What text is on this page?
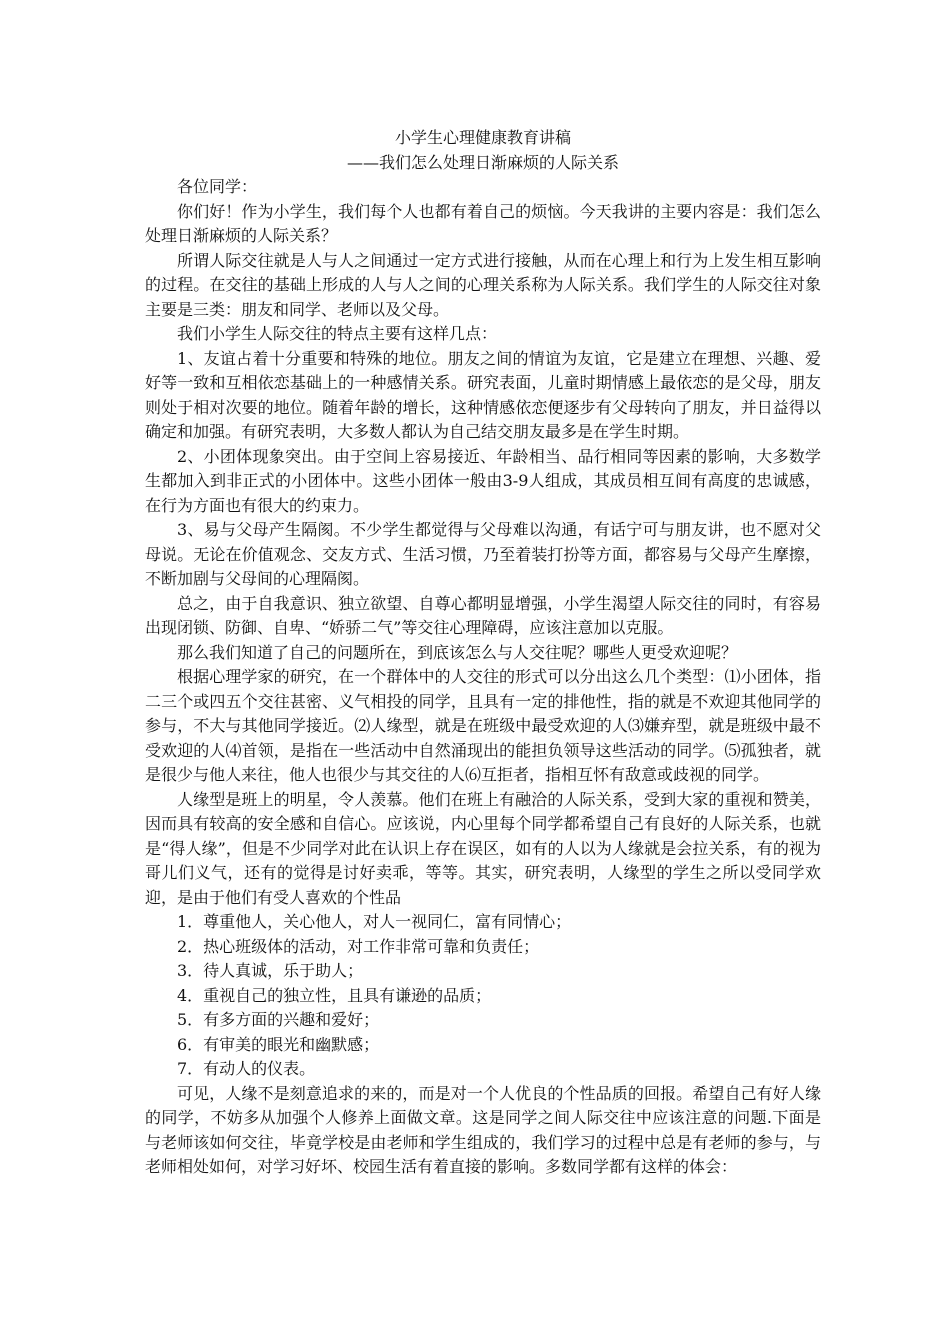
小学生心理健康教育讲稿

——我们怎么处理日渐麻烦的人际关系

各位同学：

你们好！作为小学生，我们每个人也都有着自己的烦恼。今天我讲的主要内容是：我们怎么处理日渐麻烦的人际关系？

所谓人际交往就是人与人之间通过一定方式进行接触，从而在心理上和行为上发生相互影响的过程。在交往的基础上形成的人与人之间的心理关系称为人际关系。我们学生的人际交往对象主要是三类：朋友和同学、老师以及父母。

我们小学生人际交往的特点主要有这样几点：

1、友谊占着十分重要和特殊的地位。朋友之间的情谊为友谊，它是建立在理想、兴趣、爱好等一致和互相依恋基础上的一种感情关系。研究表面，儿童时期情感上最依恋的是父母，朋友则处于相对次要的地位。随着年龄的增长，这种情感依恋便逐步有父母转向了朋友，并日益得以确定和加强。有研究表明，大多数人都认为自己结交朋友最多是在学生时期。

2、小团体现象突出。由于空间上容易接近、年龄相当、品行相同等因素的影响，大多数学生都加入到非正式的小团体中。这些小团体一般由3-9人组成，其成员相互间有高度的忠诚感，在行为方面也有很大的约束力。

3、易与父母产生隔阂。不少学生都觉得与父母难以沟通，有话宁可与朋友讲，也不愿对父母说。无论在价值观念、交友方式、生活习惯，乃至着装打扮等方面，都容易与父母产生摩擦，不断加剧与父母间的心理隔阂。

总之，由于自我意识、独立欲望、自尊心都明显增强，小学生渴望人际交往的同时，有容易出现闭锁、防御、自卑、“娇骄二气”等交往心理障碍，应该注意加以克服。

那么我们知道了自己的问题所在，到底该怎么与人交往呢？哪些人更受欢迎呢？

根据心理学家的研究，在一个群体中的人交往的形式可以分出这么几个类型：⑴小团体，指二三个或四五个交往甚密、义气相投的同学，且具有一定的排他性，指的就是不欢迎其他同学的参与，不大与其他同学接近。⑵人缘型，就是在班级中最受欢迎的人⑶嫌弃型，就是班级中最不受欢迎的人⑷首领，是指在一些活动中自然涌现出的能担负领导这些活动的同学。⑸孤独者，就是很少与他人来往，他人也很少与其交往的人⑹互拒者，指相互怀有敌意或歧视的同学。

人缘型是班上的明星，令人羡慕。他们在班上有融洽的人际关系，受到大家的重视和赞美，因而具有较高的安全感和自信心。应该说，内心里每个同学都希望自己有良好的人际关系，也就是“得人缘”，但是不少同学对此在认识上存在误区，如有的人以为人缘就是会拉关系，有的视为哥儿们义气，还有的觉得是讨好卖乖，等等。其实，研究表明，人缘型的学生之所以受同学欢迎，是由于他们有受人喜欢的个性品

1．尊重他人，关心他人，对人一视同仁，富有同情心；

2．热心班级体的活动，对工作非常可靠和负责任；

3．待人真诚，乐于助人；

4．重视自己的独立性，且具有谦逊的品质；

5．有多方面的兴趣和爱好；

6．有审美的眼光和幽默感；

7．有动人的仪表。

可见，人缘不是刻意追求的来的，而是对一个人优良的个性品质的回报。希望自己有好人缘的同学，不妨多从加强个人修养上面做文章。这是同学之间人际交往中应该注意的问题.下面是与老师该如何交往，毕竟学校是由老师和学生组成的，我们学习的过程中总是有老师的参与，与老师相处如何，对学习好坏、校园生活有着直接的影响。多数同学都有这样的体会：
